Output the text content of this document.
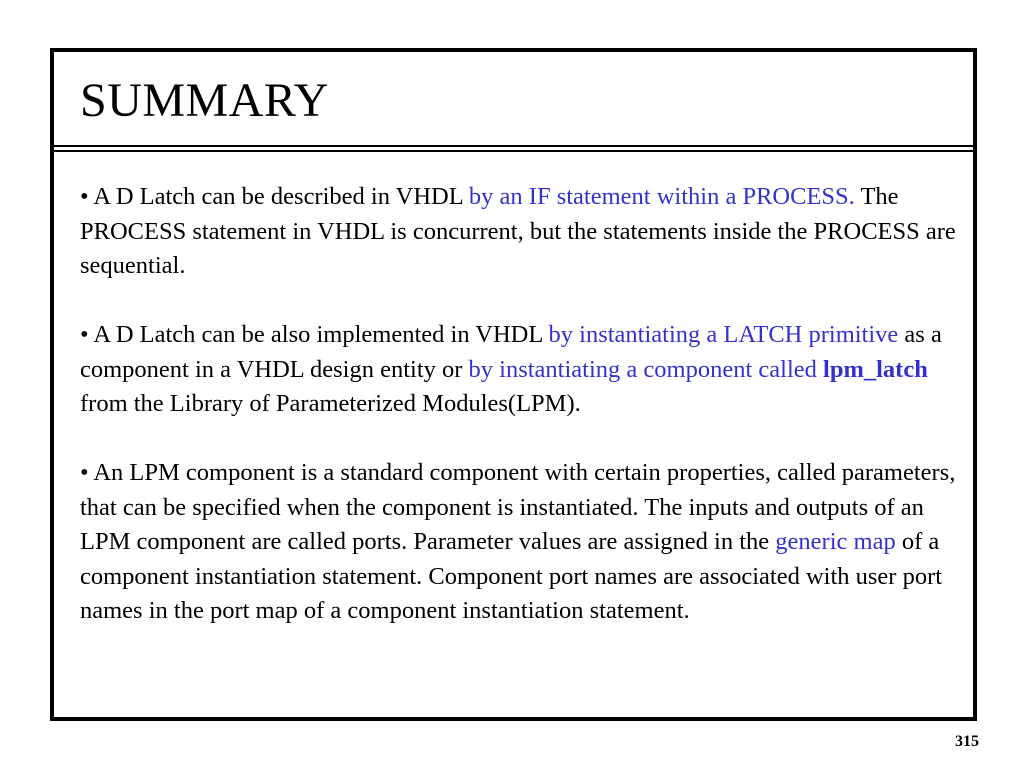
SUMMARY

• A D Latch can be described in VHDL by an IF statement within a PROCESS. The PROCESS statement in VHDL is concurrent, but the statements inside the PROCESS are sequential.

• A D Latch can be also implemented in VHDL by instantiating a LATCH primitive as a component in a VHDL design entity or by instantiating a component called lpm_latch from the Library of Parameterized Modules(LPM).

• An LPM component is a standard component with certain properties, called parameters, that can be specified when the component is instantiated. The inputs and outputs of an LPM component are called ports. Parameter values are assigned in the generic map of a component instantiation statement. Component port names are associated with user port names in the port map of a component instantiation statement.

315
